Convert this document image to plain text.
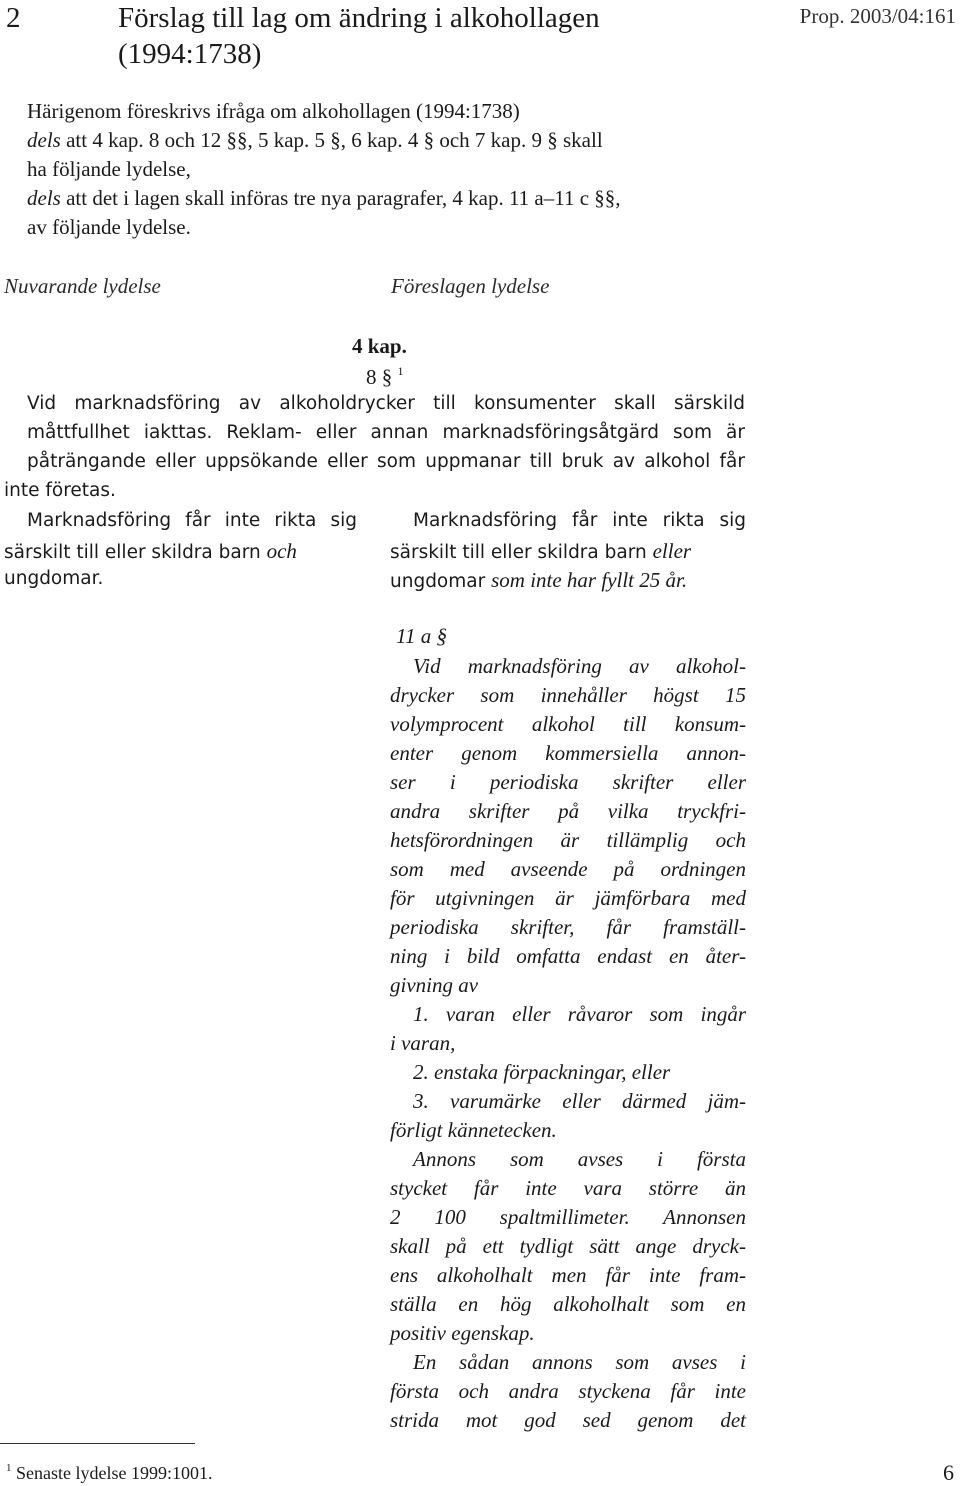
2	Förslag till lag om ändring i alkohollagen
(1994:1738)
Prop. 2003/04:161
Härigenom föreskrivs ifråga om alkohollagen (1994:1738)
dels att 4 kap. 8 och 12 §§, 5 kap. 5 §, 6 kap. 4 § och 7 kap. 9 § skall
ha följande lydelse,
dels att det i lagen skall införas tre nya paragrafer, 4 kap. 11 a–11 c §§,
av följande lydelse.
Nuvarande lydelse	Föreslagen lydelse
4 kap.
8 § $^1$
Vid marknadsföring av alkoholdrycker till konsumenter skall särskild
måttfullhet iakttas. Reklam- eller annan marknadsföringsåtgärd som är
påträngande eller uppsökande eller som uppmanar till bruk av alkohol får
inte företas.
Marknadsföring får inte rikta sig
särskilt till eller skildra barn och
ungdomar.
Marknadsföring får inte rikta sig
särskilt till eller skildra barn eller
ungdomar som inte har fyllt 25 år.
11 a §
Vid marknadsföring av alkohol-
drycker som innehåller högst 15
volymprocent alkohol till konsum-
enter genom kommersiella annon-
ser i periodiska skrifter eller
andra skrifter på vilka tryckfri-
hetsförordningen är tillämplig och
som med avseende på ordningen
för utgivningen är jämförbara med
periodiska skrifter, får framställ-
ning i bild omfatta endast en åter-
givning av
1. varan eller råvaror som ingår
i varan,
2. enstaka förpackningar, eller
3. varumärke eller därmed jäm-
förligt kännetecken.
Annons som avses i första
stycket får inte vara större än
2 100 spaltmillimeter. Annonsen
skall på ett tydligt sätt ange dryck-
ens alkoholhalt men får inte fram-
ställa en hög alkoholhalt som en
positiv egenskap.
En sådan annons som avses i
första och andra styckena får inte
strida mot god sed genom det
$^1$ Senaste lydelse 1999:1001.	6
